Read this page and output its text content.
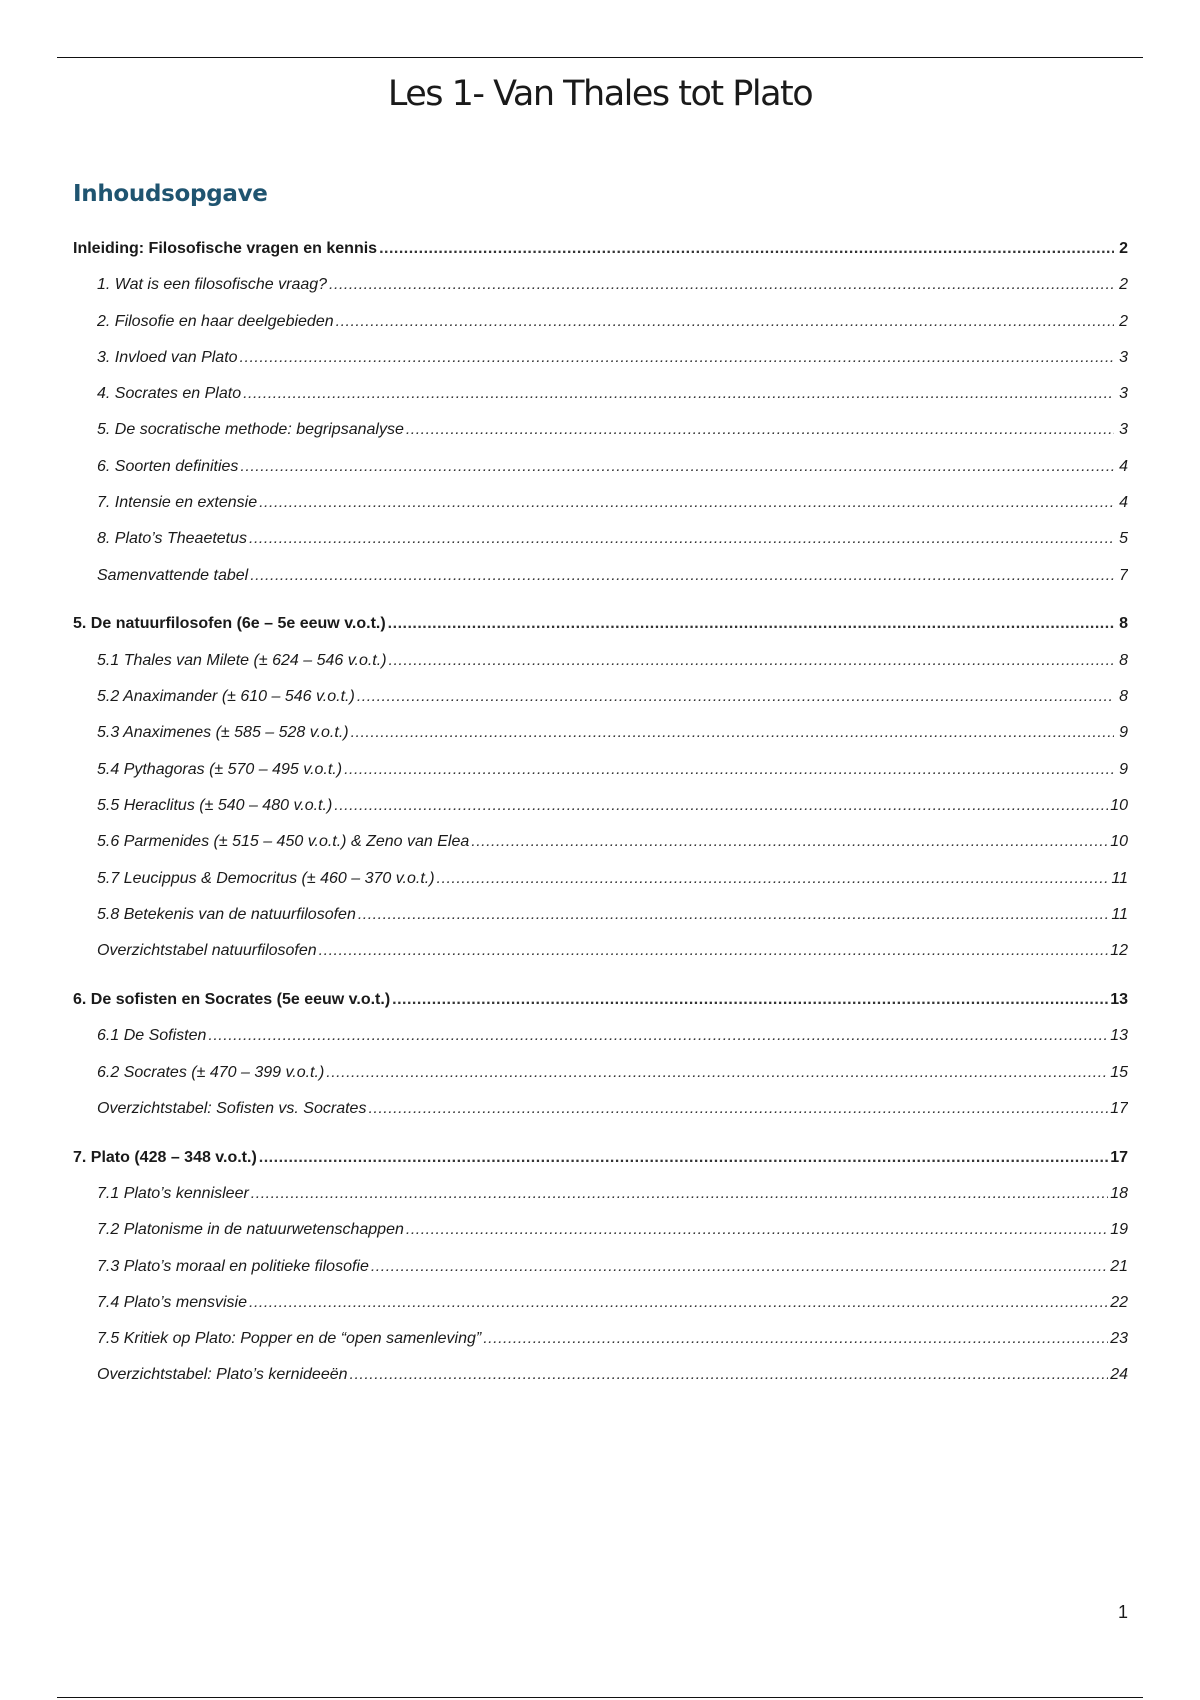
Les 1- Van Thales tot Plato
Inhoudsopgave
Inleiding: Filosofische vragen en kennis .....	2
1. Wat is een filosofische vraag? .....	2
2. Filosofie en haar deelgebieden .....	2
3. Invloed van Plato .....	3
4. Socrates en Plato .....	3
5. De socratische methode: begripsanalyse .....	3
6. Soorten definities .....	4
7. Intensie en extensie .....	4
8. Plato’s Theaetetus .....	5
Samenvattende tabel .....	7
5. De natuurfilosofen (6e – 5e eeuw v.o.t.) .....	8
5.1 Thales van Milete (± 624 – 546 v.o.t.) .....	8
5.2 Anaximander (± 610 – 546 v.o.t.) .....	8
5.3 Anaximenes (± 585 – 528 v.o.t.) .....	9
5.4 Pythagoras (± 570 – 495 v.o.t.) .....	9
5.5 Heraclitus (± 540 – 480 v.o.t.) .....	10
5.6 Parmenides (± 515 – 450 v.o.t.) & Zeno van Elea .....	10
5.7 Leucippus & Democritus (± 460 – 370 v.o.t.) .....	11
5.8 Betekenis van de natuurfilosofen .....	11
Overzichtstabel natuurfilosofen .....	12
6. De sofisten en Socrates (5e eeuw v.o.t.) .....	13
6.1 De Sofisten .....	13
6.2 Socrates (± 470 – 399 v.o.t.) .....	15
Overzichtstabel: Sofisten vs. Socrates .....	17
7. Plato (428 – 348 v.o.t.) .....	17
7.1 Plato’s kennisleer .....	18
7.2 Platonisme in de natuurwetenschappen .....	19
7.3 Plato’s moraal en politieke filosofie .....	21
7.4 Plato’s mensvisie .....	22
7.5 Kritiek op Plato: Popper en de “open samenleving” .....	23
Overzichtstabel: Plato’s kernideeën .....	24

1
